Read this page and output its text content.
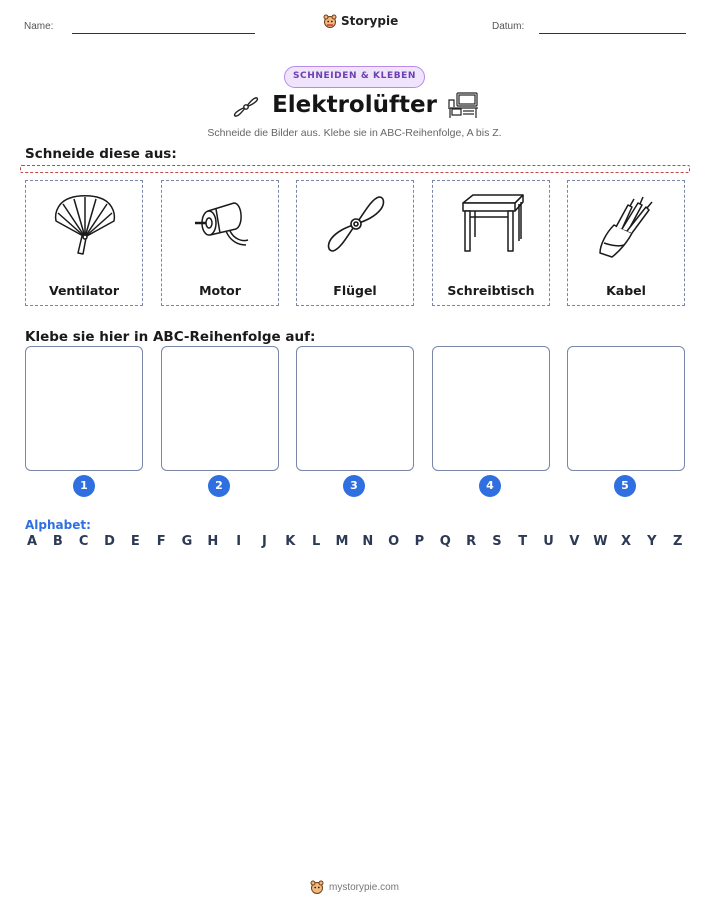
Name:	Storypie	Datum:
SCHNEIDEN & KLEBEN
Elektrolüfter
Schneide die Bilder aus. Klebe sie in ABC-Reihenfolge, A bis Z.
Schneide diese aus:
Ventilator	Motor	Flügel	Schreibtisch	Kabel
Klebe sie hier in ABC-Reihenfolge auf:
1	2	3	4	5
Alphabet:
A B C D E F G H	I	J	K L M N O P Q R S T U V W X Y Z
mystorypie.com
